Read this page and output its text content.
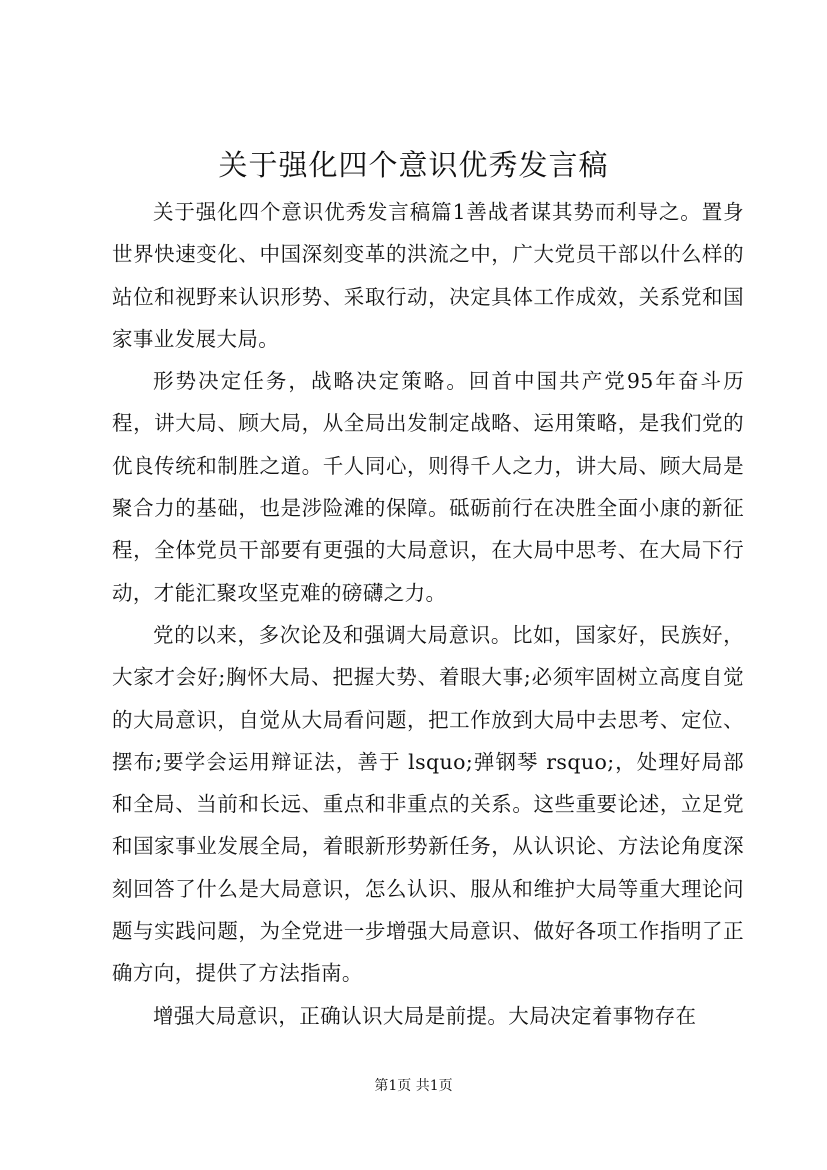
关于强化四个意识优秀发言稿

关于强化四个意识优秀发言稿篇1善战者谋其势而利导之。置身世界快速变化、中国深刻变革的洪流之中，广大党员干部以什么样的站位和视野来认识形势、采取行动，决定具体工作成效，关系党和国家事业发展大局。

形势决定任务，战略决定策略。回首中国共产党95年奋斗历程，讲大局、顾大局，从全局出发制定战略、运用策略，是我们党的优良传统和制胜之道。千人同心，则得千人之力，讲大局、顾大局是聚合力的基础，也是涉险滩的保障。砥砺前行在决胜全面小康的新征程，全体党员干部要有更强的大局意识，在大局中思考、在大局下行动，才能汇聚攻坚克难的磅礴之力。

党的以来，多次论及和强调大局意识。比如，国家好，民族好，大家才会好;胸怀大局、把握大势、着眼大事;必须牢固树立高度自觉的大局意识，自觉从大局看问题，把工作放到大局中去思考、定位、摆布;要学会运用辩证法，善于 lsquo;弹钢琴 rsquo;，处理好局部和全局、当前和长远、重点和非重点的关系。这些重要论述，立足党和国家事业发展全局，着眼新形势新任务，从认识论、方法论角度深刻回答了什么是大局意识，怎么认识、服从和维护大局等重大理论问题与实践问题，为全党进一步增强大局意识、做好各项工作指明了正确方向，提供了方法指南。

增强大局意识，正确认识大局是前提。大局决定着事物存在

第1页 共1页
